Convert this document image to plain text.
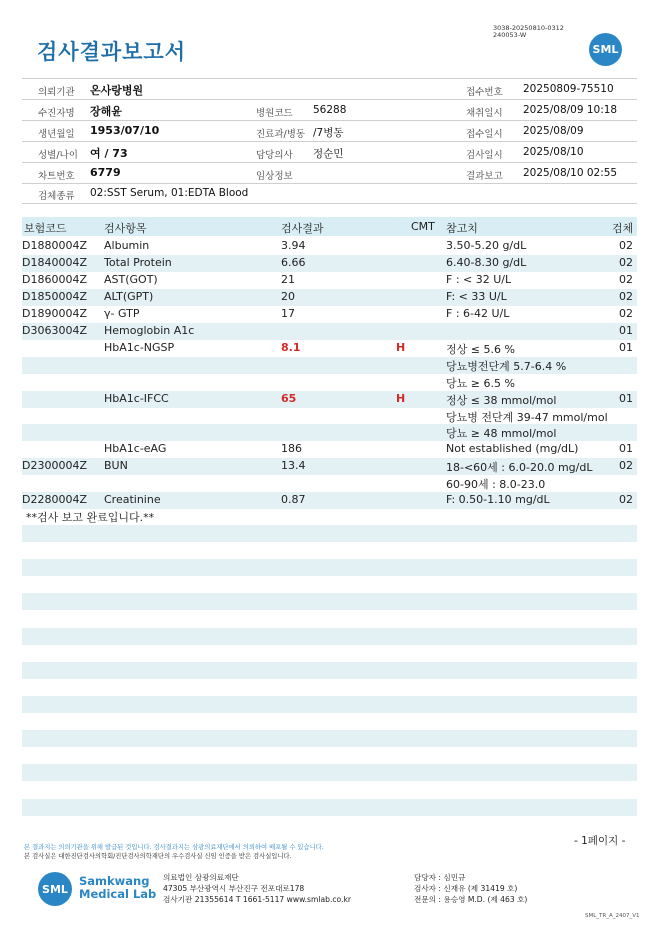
검사결과보고서
3038-20250810-0312
240053-W
SML
의뢰기관 온사랑병원	접수번호 20250809-75510
수진자명 장해윤	병원코드 56288	채취일시 2025/08/09 10:18
생년월일 1953/07/10	진료과/병동 /7병동	접수일시 2025/08/09
성별/나이 여 / 73	담당의사 정순민	검사일시 2025/08/10
차트번호 6779	임상정보	결과보고 2025/08/10 02:55
검체종류 02:SST Serum, 01:EDTA Blood
보험코드	검사항목	검사결과	CMT 참고치	검체
D1880004Z Albumin	3.94	3.50-5.20 g/dL	02
D1840004Z Total Protein	6.66	6.40-8.30 g/dL	02
D1860004Z AST(GOT)	21	F : < 32 U/L	02
D1850004Z ALT(GPT)	20	F: < 33 U/L	02
D1890004Z γ- GTP	17	F : 6-42 U/L	02
D3063004Z Hemoglobin A1c	01
HbA1c-NGSP	8.1	H	정상 ≤ 5.6 %	01
당뇨병전단계 5.7-6.4 %
당뇨 ≥ 6.5 %
HbA1c-IFCC	65	H	정상 ≤ 38 mmol/mol	01
당뇨병 전단계 39-47 mmol/mol
당뇨 ≥ 48 mmol/mol
HbA1c-eAG	186	Not established (mg/dL)	01
D2300004Z BUN	13.4	18-<60세 : 6.0-20.0 mg/dL 02
60-90세 : 8.0-23.0
D2280004Z Creatinine	0.87	F: 0.50-1.10 mg/dL	02
**검사 보고 완료입니다.**
- 1페이지 -
본 결과지는 의뢰기관을 위해 발급된 것입니다. 검사결과지는 삼광의료재단에서 의뢰하여 배포될 수 있습니다.
본 검사실은 대한진단검사의학회/진단검사의학재단의 우수검사실 신임 인증을 받은 검사실입니다.
SML
Samkwang
Medical Lab
의료법인 삼광의료재단
47305 부산광역시 부산진구 전포대로178
검사기관 21355614 T 1661-5117 www.smlab.co.kr
담당자 : 심민규
검사자 : 신재유 (제 31419 호)
전문의 : 용승영 M.D. (제 463 호)
SML_TR_A_2407_V1
